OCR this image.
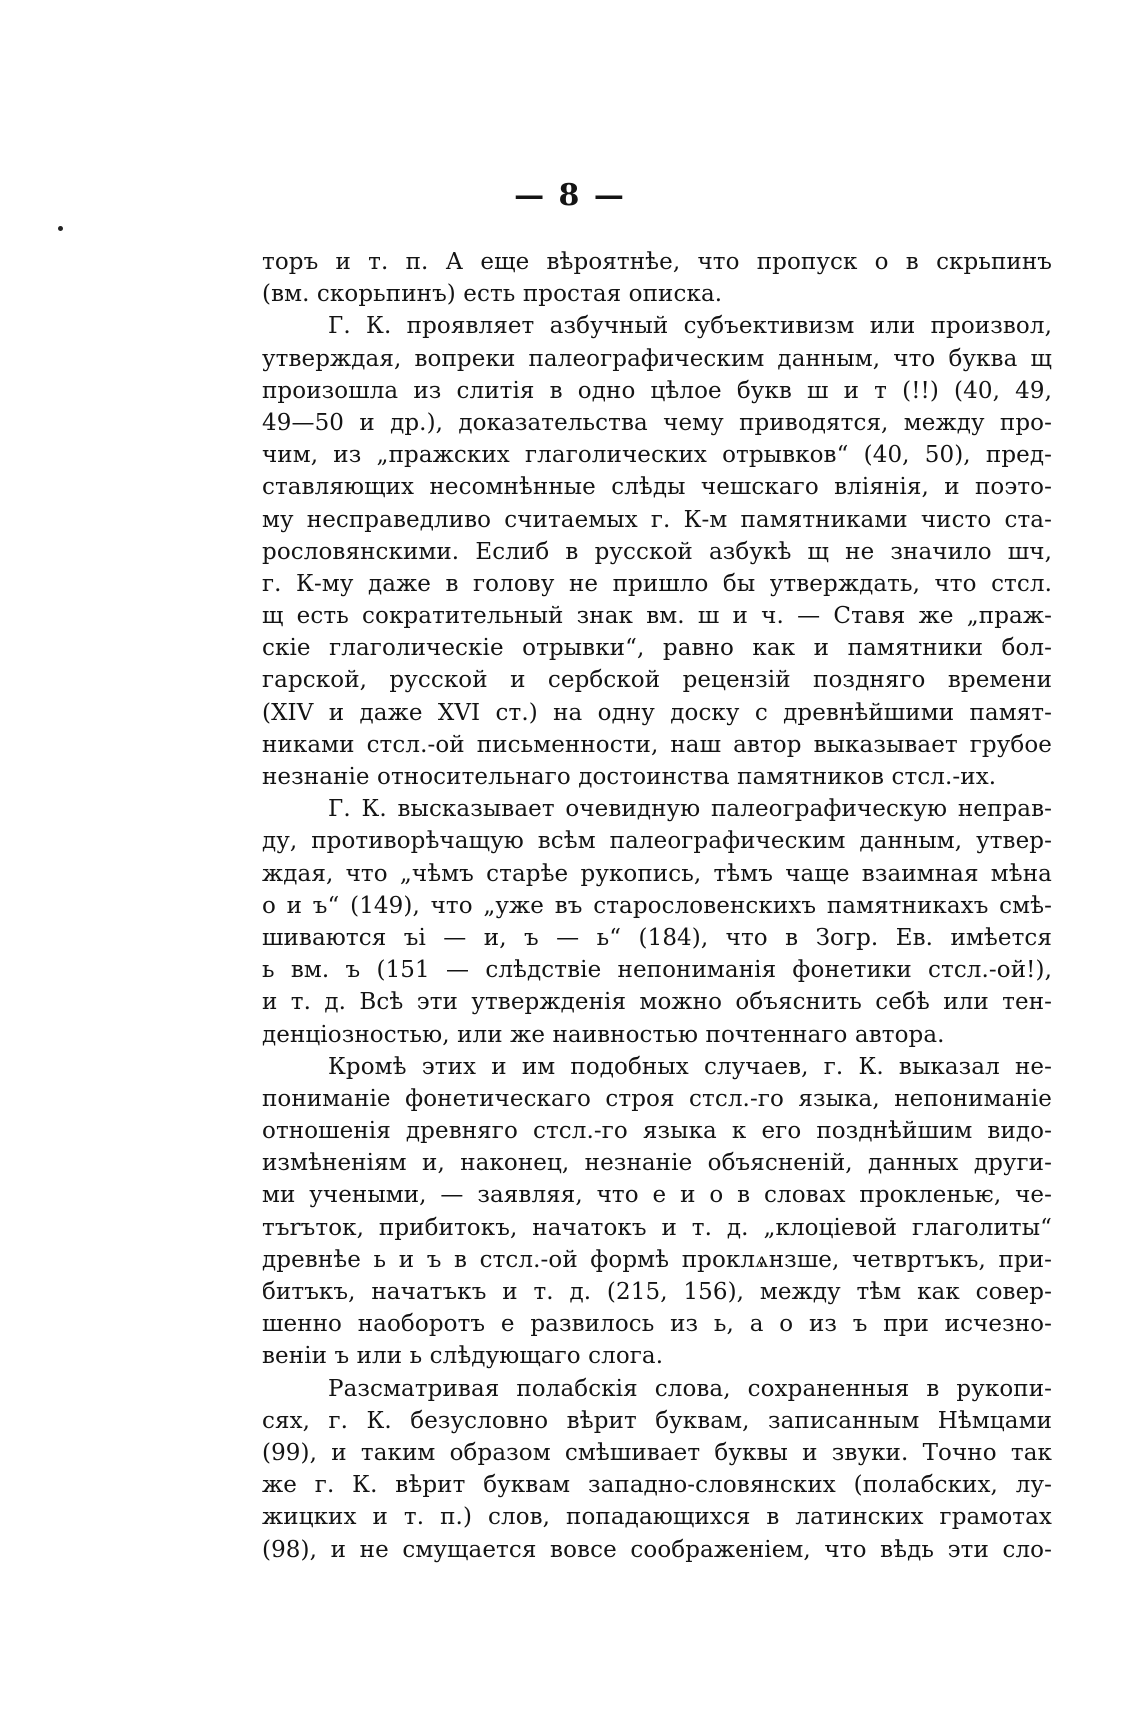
— 8 —
торъ и т. п. А еще вѣроятнѣе, что пропуск о в скрьпинъ
(вм. скорьпинъ) есть простая описка.
Г. К. проявляет азбучный субъективизм или произвол,
утверждая, вопреки палеографическим данным, что буква щ
произошла из слитія в одно цѣлое букв ш и т (!!) (40, 49,
49—50 и др.), доказательства чему приводятся, между про-
чим, из „пражских глаголических отрывков“ (40, 50), пред-
ставляющих несомнѣнные слѣды чешскаго вліянія, и поэто-
му несправедливо считаемых г. К-м памятниками чисто ста-
рословянскими. Еслиб в русской азбукѣ щ не значило шч,
г. К-му даже в голову не пришло бы утверждать, что стсл.
щ есть сократительный знак вм. ш и ч. — Ставя же „праж-
скіе глаголическіе отрывки“, равно как и памятники бол-
гарской, русской и сербской рецензій поздняго времени
(XIV и даже XVI ст.) на одну доску с древнѣйшими памят-
никами стсл.-ой письменности, наш автор выказывает грубое
незнаніе относительнаго достоинства памятников стсл.-их.
Г. К. высказывает очевидную палеографическую неправ-
ду, противорѣчащую всѣм палеографическим данным, утвер-
ждая, что „чѣмъ старѣе рукопись, тѣмъ чаще взаимная мѣна
о и ъ“ (149), что „уже въ старословенскихъ памятникахъ смѣ-
шиваются ъі — и, ъ — ь“ (184), что в Зогр. Ев. имѣется
ь вм. ъ (151 — слѣдствіе непониманія фонетики стсл.-ой!),
и т. д. Всѣ эти утвержденія можно объяснить себѣ или тен-
денціозностью, или же наивностью почтеннаго автора.
Кромѣ этих и им подобных случаев, г. К. выказал не-
пониманіе фонетическаго строя стсл.-го языка, непониманіе
отношенія древняго стсл.-го языка к его позднѣйшим видо-
измѣненіям и, наконец, незнаніе объясненій, данных други-
ми учеными, — заявляя, что е и о в словах прокленьѥ, че-
тъrъток, прибитокъ, начатокъ и т. д. „клоцieвой глаголиты“
древнѣе ь и ъ в стсл.-ой формѣ проклѧнзше, четвртъкъ, при-
битъкъ, начатъкъ и т. д. (215, 156), между тѣм как совер-
шенно наоборотъ е развилось из ь, а о из ъ при исчезно-
веніи ъ или ь слѣдующаго слога.
Разсматривая полабскія слова, сохраненныя в рукопи-
сях, г. К. безусловно вѣрит буквам, записанным Нѣмцами
(99), и таким образом смѣшивает буквы и звуки. Точно так
же г. К. вѣрит буквам западно-словянских (полабских, лу-
жицких и т. п.) слов, попадающихся в латинских грамотах
(98), и не смущается вовсе соображеніем, что вѣдь эти сло-
